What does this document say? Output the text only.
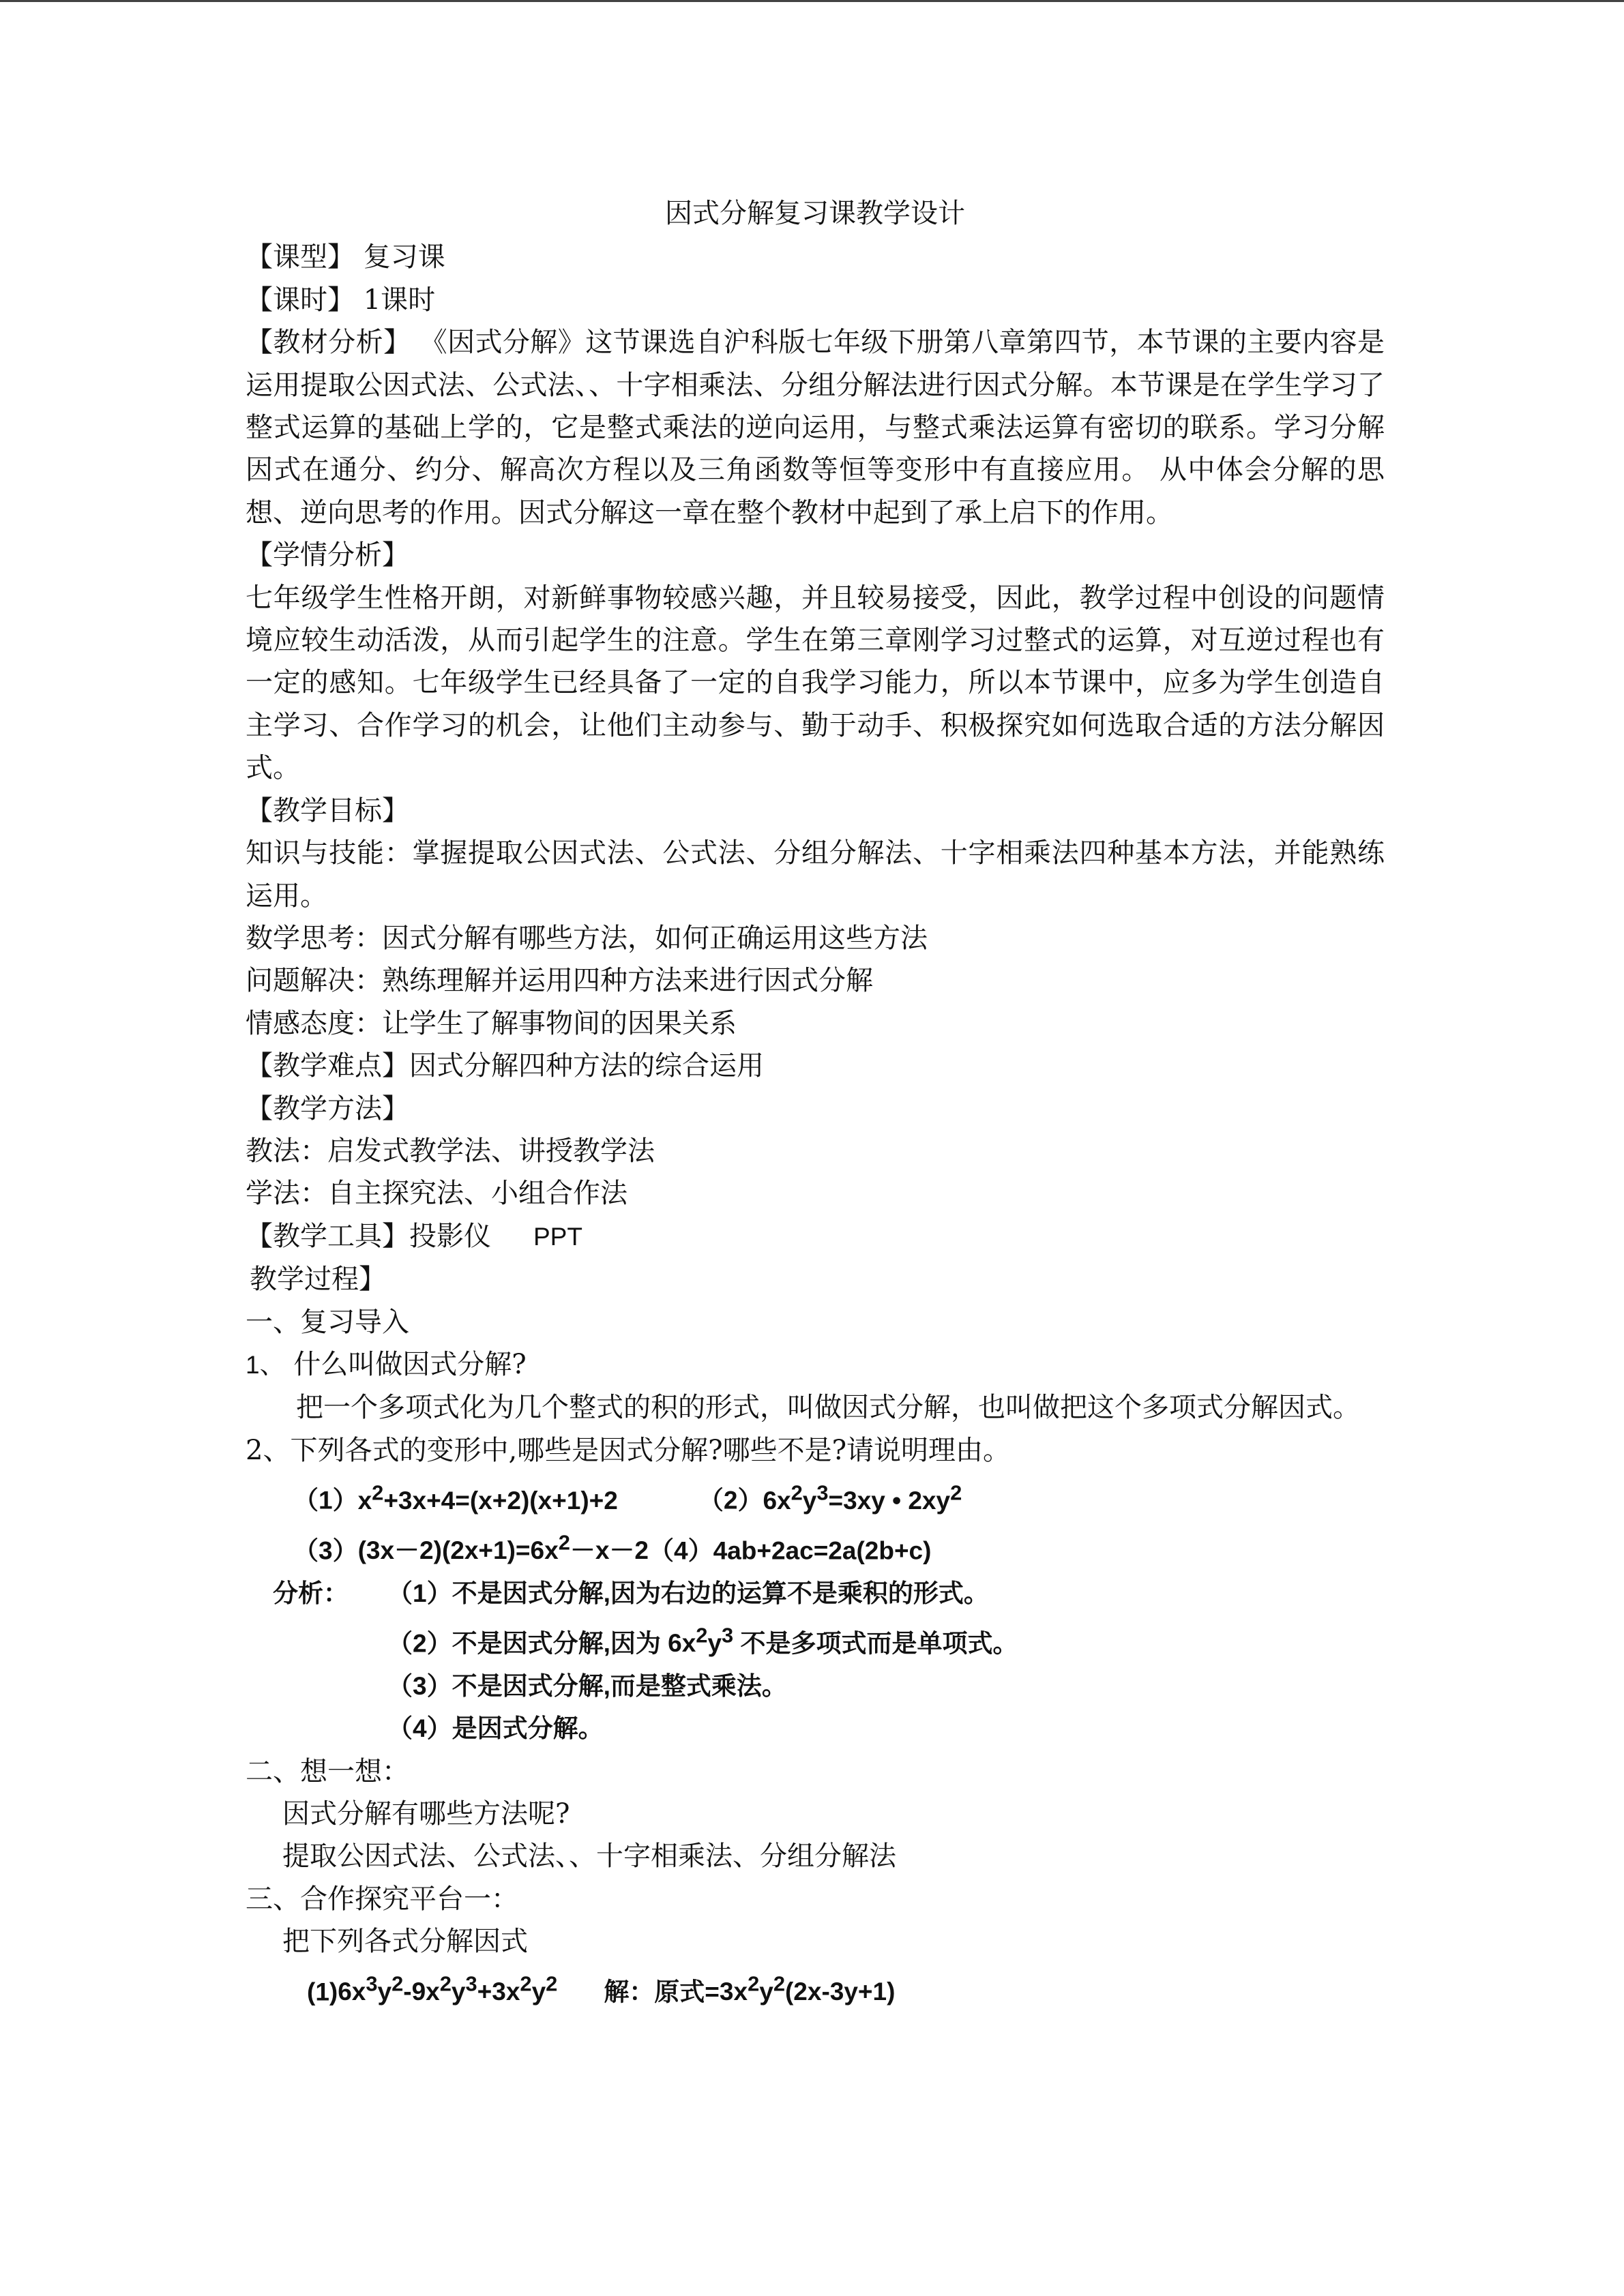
因式分解复习课教学设计
【课型】 复习课
【课时】 1课时
【教材分析】 《因式分解》这节课选自沪科版七年级下册第八章第四节，本节课的主要内容是运用提取公因式法、公式法、、十字相乘法、分组分解法进行因式分解。本节课是在学生学习了整式运算的基础上学的，它是整式乘法的逆向运用，与整式乘法运算有密切的联系。学习分解因式在通分、约分、解高次方程以及三角函数等恒等变形中有直接应用。 从中体会分解的思想、逆向思考的作用。因式分解这一章在整个教材中起到了承上启下的作用。
【学情分析】
七年级学生性格开朗，对新鲜事物较感兴趣，并且较易接受，因此，教学过程中创设的问题情境应较生动活泼，从而引起学生的注意。学生在第三章刚学习过整式的运算，对互逆过程也有一定的感知。七年级学生已经具备了一定的自我学习能力，所以本节课中，应多为学生创造自主学习、合作学习的机会，让他们主动参与、勤于动手、积极探究如何选取合适的方法分解因式。
【教学目标】
知识与技能：掌握提取公因式法、公式法、分组分解法、十字相乘法四种基本方法，并能熟练运用。
数学思考：因式分解有哪些方法，如何正确运用这些方法
问题解决：熟练理解并运用四种方法来进行因式分解
情感态度：让学生了解事物间的因果关系
【教学难点】因式分解四种方法的综合运用
【教学方法】
教法：启发式教学法、讲授教学法
学法：自主探究法、小组合作法
【教学工具】投影仪 PPT
教学过程】
一、复习导入
1、 什么叫做因式分解?
把一个多项式化为几个整式的积的形式，叫做因式分解，也叫做把这个多项式分解因式。
2、下列各式的变形中,哪些是因式分解?哪些不是?请说明理由。
$(1)x^2+3x+4=(x+2)(x+1)+2$	$(2)6x^2y^3=3xy$ • $2xy^2$
$(3)(3x-2)(2x+1)=6x^2-x-2(4)4ab+2ac=2a(2b+c)$
分析： （1）不是因式分解,因为右边的运算不是乘积的形式。
（2）不是因式分解,因为 $6x^2y^3$ 不是多项式而是单项式。
（3）不是因式分解,而是整式乘法。
（4）是因式分解。
二、想一想：
因式分解有哪些方法呢?
提取公因式法、公式法、、十字相乘法、分组分解法
三、合作探究平台一：
把下列各式分解因式
$(1)6x^3y^2-9x^2y^3+3x^2y^2$ 解：原式$=3x^2y^2(2x-3y+1)$
